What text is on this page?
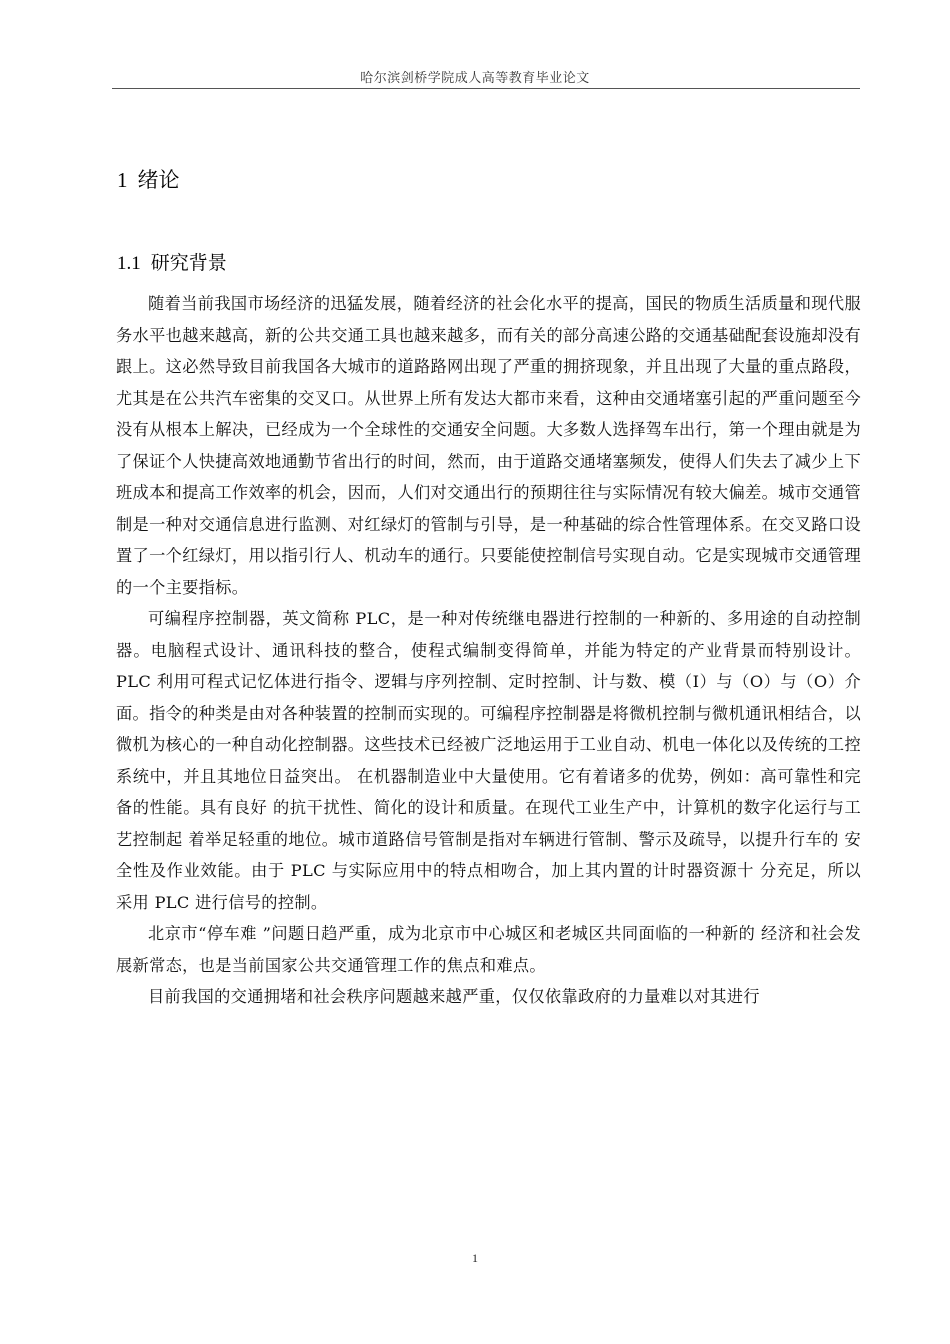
哈尔滨剑桥学院成人高等教育毕业论文
1 绪论
1.1 研究背景

随着当前我国市场经济的迅猛发展，随着经济的社会化水平的提高，国民的物质生活质量和现代服务水平也越来越高，新的公共交通工具也越来越多，而有关的部分高速公路的交通基础配套设施却没有跟上。这必然导致目前我国各大城市的道路路网出现了严重的拥挤现象，并且出现了大量的重点路段，尤其是在公共汽车密集的交叉口。从世界上所有发达大都市来看，这种由交通堵塞引起的严重问题至今没有从根本上解决，已经成为一个全球性的交通安全问题。大多数人选择驾车出行，第一个理由就是为了保证个人快捷高效地通勤节省出行的时间，然而，由于道路交通堵塞频发，使得人们失去了减少上下班成本和提高工作效率的机会，因而，人们对交通出行的预期往往与实际情况有较大偏差。城市交通管制是一种对交通信息进行监测、对红绿灯的管制与引导，是一种基础的综合性管理体系。在交叉路口设置了一个红绿灯，用以指引行人、机动车的通行。只要能使控制信号实现自动。它是实现城市交通管理的一个主要指标。

可编程序控制器，英文简称 PLC，是一种对传统继电器进行控制的一种新的、多用途的自动控制器。电脑程式设计、通讯科技的整合，使程式编制变得简单，并能为特定的产业背景而特别设计。PLC 利用可程式记忆体进行指令、逻辑与序列控制、定时控制、计与数、模（I）与（O）与（O）介面。指令的种类是由对各种装置的控制而实现的。可编程序控制器是将微机控制与微机通讯相结合，以微机为核心的一种自动化控制器。这些技术已经被广泛地运用于工业自动、机电一体化以及传统的工控系统中，并且其地位日益突出。 在机器制造业中大量使用。它有着诸多的优势，例如：高可靠性和完备的性能。具有良好 的抗干扰性、简化的设计和质量。在现代工业生产中，计算机的数字化运行与工艺控制起 着举足轻重的地位。城市道路信号管制是指对车辆进行管制、警示及疏导，以提升行车的 安全性及作业效能。由于 PLC 与实际应用中的特点相吻合，加上其内置的计时器资源十 分充足，所以采用 PLC 进行信号的控制。

北京市“停车难 ”问题日趋严重，成为北京市中心城区和老城区共同面临的一种新的 经济和社会发展新常态，也是当前国家公共交通管理工作的焦点和难点。

目前我国的交通拥堵和社会秩序问题越来越严重，仅仅依靠政府的力量难以对其进行

1
